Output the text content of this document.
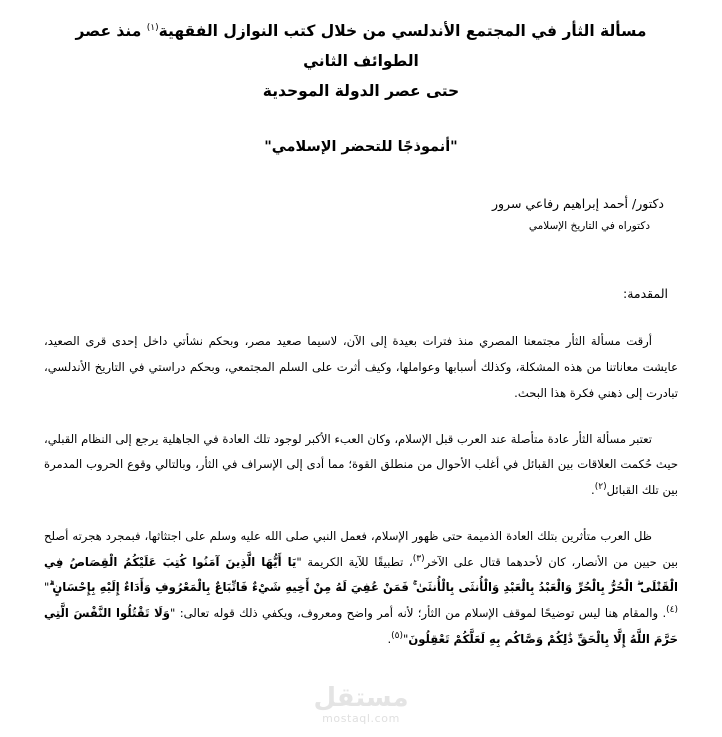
مسألة الثأر في المجتمع الأندلسي من خلال كتب النوازل الفقهية$^{(١)}$ منذ عصر الطوائف الثاني
حتى عصر الدولة الموحدية
"أنموذجًا للتحضر الإسلامي"
دكتور/ أحمد إبراهيم رفاعي سرور
دكتوراه في التاريخ الإسلامي
المقدمة:

أرقت مسألة الثأر مجتمعنا المصري منذ فترات بعيدة إلى الآن، لاسيما صعيد مصر، وبحكم نشأتي داخل إحدى قرى الصعيد، عايشت معاناتنا من هذه المشكلة، وكذلك أسبابها وعواملها، وكيف أثرت على السلم المجتمعي، وبحكم دراستي في التاريخ الأندلسي، تبادرت إلى ذهني فكرة هذا البحث.

تعتبر مسألة الثأر عادة متأصلة عند العرب قبل الإسلام، وكان العبء الأكبر لوجود تلك العادة في الجاهلية يرجع إلى النظام القبلي، حيث حُكمت العلاقات بين القبائل في أغلب الأحوال من منطلق القوة؛ مما أدى إلى الإسراف في الثأر، وبالتالي وقوع الحروب المدمرة بين تلك القبائل$^{(٢)}$.

ظل العرب متأثرين بتلك العادة الذميمة حتى ظهور الإسلام، فعمل النبي صلى الله عليه وسلم على اجتثاثها، فبمجرد هجرته أصلح بين حيين من الأنصار، كان لأحدهما قتال على الآخر$^{(٣)}$، تطبيقًا للآية الكريمة "يَا أَيُّهَا الَّذِينَ آمَنُوا كُتِبَ عَلَيْكُمُ الْقِصَاصُ فِي الْقَتْلَى ۖ الْحُرُّ بِالْحُرِّ وَالْعَبْدُ بِالْعَبْدِ وَالْأُنثَى بِالْأُنثَىٰ ۚ فَمَنْ عُفِيَ لَهُ مِنْ أَخِيهِ شَيْءٌ فَاتِّبَاعٌ بِالْمَعْرُوفِ وَأَدَاءٌ إِلَيْهِ بِإِحْسَانٍ ۗ"$^{(٤)}$. والمقام هنا ليس توضيحًا لموقف الإسلام من الثأر؛ لأنه أمر واضح ومعروف، ويكفي ذلك قوله تعالى: "وَلَا تَقْتُلُوا النَّفْسَ الَّتِي حَرَّمَ اللَّهُ إِلَّا بِالْحَقِّ ذَٰلِكُمْ وَصَّاكُم بِهِ لَعَلَّكُمْ تَعْقِلُونَ"$^{(٥)}$.

مستقل
mostaql.com
